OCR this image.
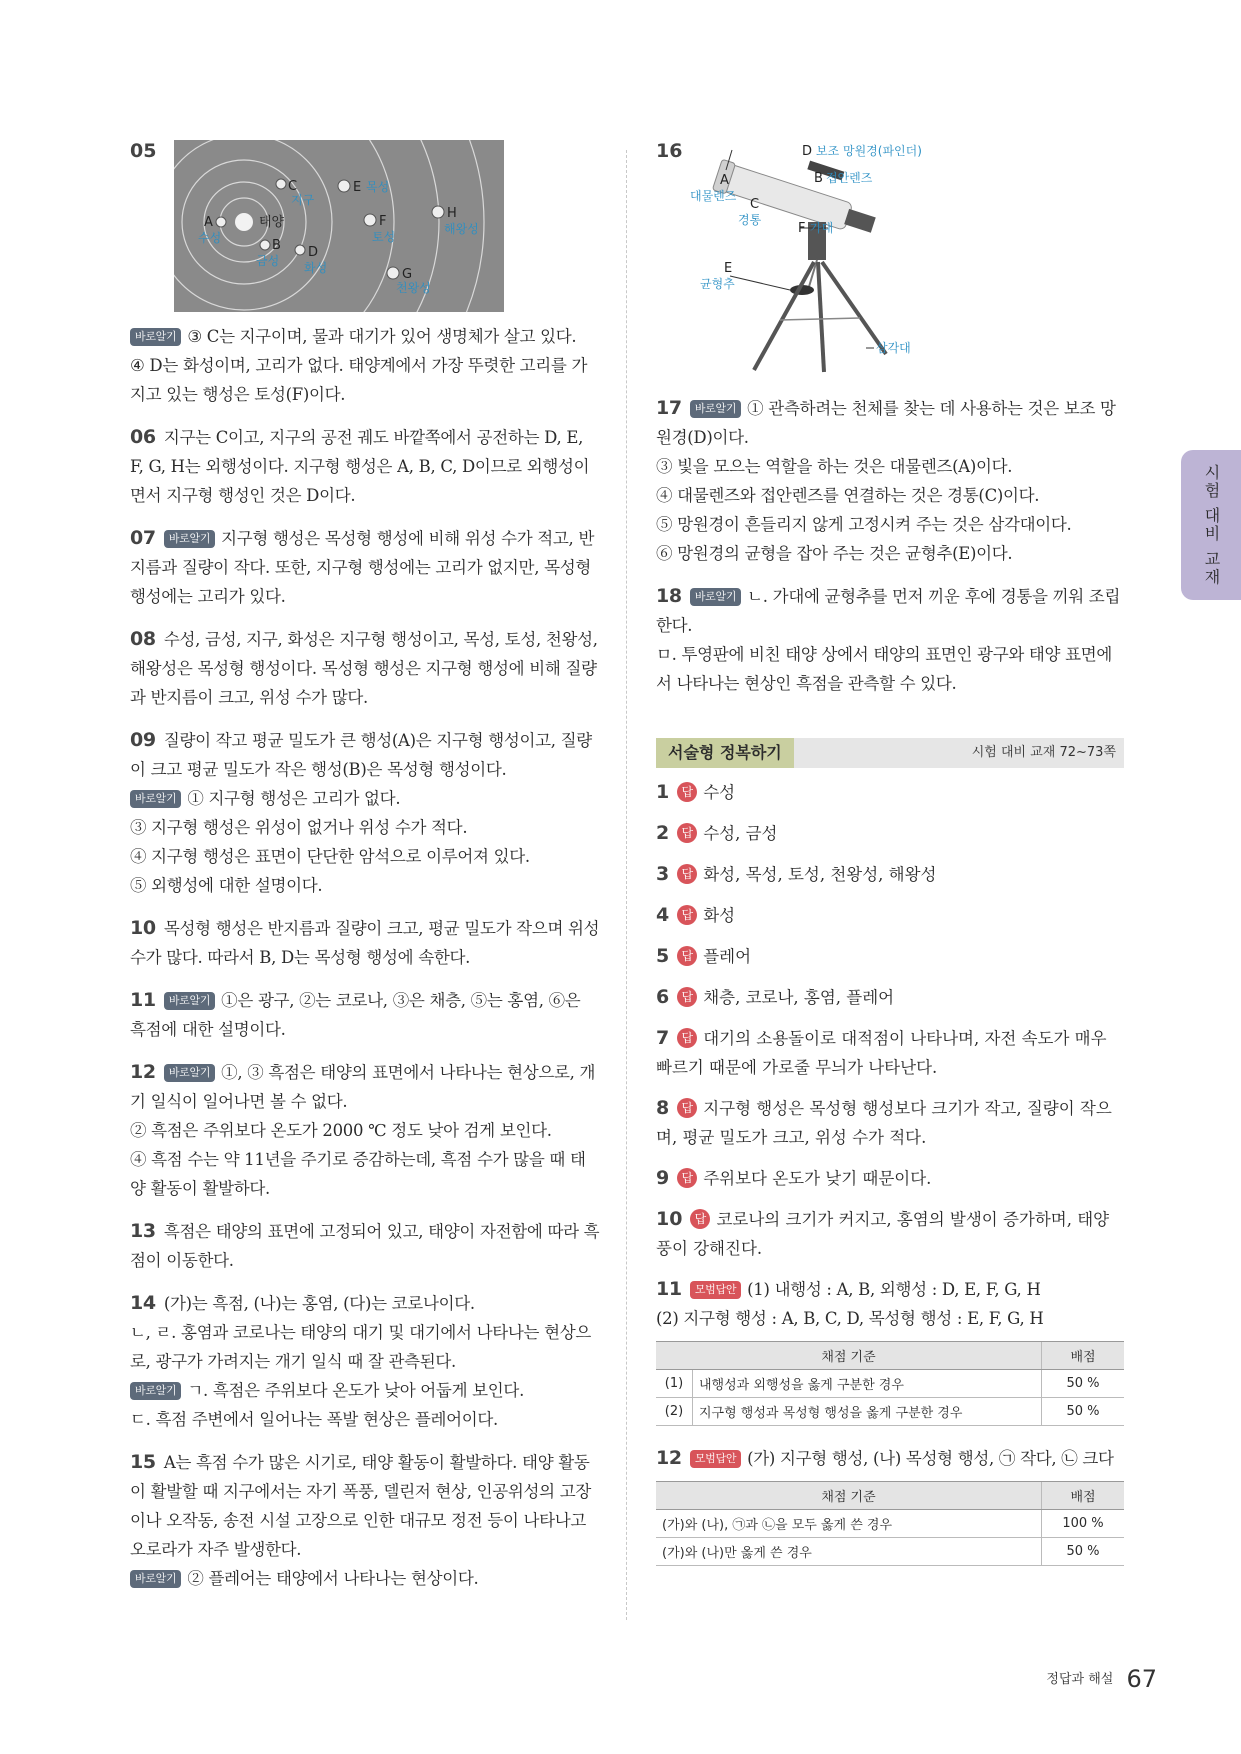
05
태양
A
수성	B
금성
C
지구
D
화성
E 목성
F
토성
G
천왕성
H
해왕성

바로알기 ③ C는 지구이며, 물과 대기가 있어 생명체가 살고 있다.

④ D는 화성이며, 고리가 없다. 태양계에서 가장 뚜렷한 고리를 가지고 있는 행성은 토성(F)이다.

06 지구는 C이고, 지구의 공전 궤도 바깥쪽에서 공전하는 D, E, F, G, H는 외행성이다. 지구형 행성은 A, B, C, D이므로 외행성이면서 지구형 행성인 것은 D이다.

07 바로알기 지구형 행성은 목성형 행성에 비해 위성 수가 적고, 반지름과 질량이 작다. 또한, 지구형 행성에는 고리가 없지만, 목성형 행성에는 고리가 있다.

08 수성, 금성, 지구, 화성은 지구형 행성이고, 목성, 토성, 천왕성, 해왕성은 목성형 행성이다. 목성형 행성은 지구형 행성에 비해 질량과 반지름이 크고, 위성 수가 많다.

09 질량이 작고 평균 밀도가 큰 행성(A)은 지구형 행성이고, 질량이 크고 평균 밀도가 작은 행성(B)은 목성형 행성이다.

바로알기 ① 지구형 행성은 고리가 없다.

③ 지구형 행성은 위성이 없거나 위성 수가 적다.

④ 지구형 행성은 표면이 단단한 암석으로 이루어져 있다.

⑤ 외행성에 대한 설명이다.

10 목성형 행성은 반지름과 질량이 크고, 평균 밀도가 작으며 위성 수가 많다. 따라서 B, D는 목성형 행성에 속한다.

11 바로알기 ①은 광구, ②는 코로나, ③은 채층, ⑤는 홍염, ⑥은 흑점에 대한 설명이다.

12 바로알기 ①, ③ 흑점은 태양의 표면에서 나타나는 현상으로, 개기 일식이 일어나면 볼 수 없다.

② 흑점은 주위보다 온도가 2000 ℃ 정도 낮아 검게 보인다.

④ 흑점 수는 약 11년을 주기로 증감하는데, 흑점 수가 많을 때 태양 활동이 활발하다.

13 흑점은 태양의 표면에 고정되어 있고, 태양이 자전함에 따라 흑점이 이동한다.

14 (가)는 흑점, (나)는 홍염, (다)는 코로나이다.

ㄴ, ㄹ. 홍염과 코로나는 태양의 대기 및 대기에서 나타나는 현상으로, 광구가 가려지는 개기 일식 때 잘 관측된다.

바로알기 ㄱ. 흑점은 주위보다 온도가 낮아 어둡게 보인다.

ㄷ. 흑점 주변에서 일어나는 폭발 현상은 플레어이다.

15 A는 흑점 수가 많은 시기로, 태양 활동이 활발하다. 태양 활동이 활발할 때 지구에서는 자기 폭풍, 델린저 현상, 인공위성의 고장이나 오작동, 송전 시설 고장으로 인한 대규모 정전 등이 나타나고 오로라가 자주 발생한다.

바로알기 ② 플레어는 태양에서 나타나는 현상이다.

16
A
대물렌즈
C
경통
D 보조 망원경(파인더)
B 접안렌즈
F 가대
E
균형추
삼각대

17 바로알기 ① 관측하려는 천체를 찾는 데 사용하는 것은 보조 망원경(D)이다.

③ 빛을 모으는 역할을 하는 것은 대물렌즈(A)이다.

④ 대물렌즈와 접안렌즈를 연결하는 것은 경통(C)이다.

⑤ 망원경이 흔들리지 않게 고정시켜 주는 것은 삼각대이다.

⑥ 망원경의 균형을 잡아 주는 것은 균형추(E)이다.

18 바로알기 ㄴ. 가대에 균형추를 먼저 끼운 후에 경통을 끼워 조립한다.

ㅁ. 투영판에 비친 태양 상에서 태양의 표면인 광구와 태양 표면에서 나타나는 현상인 흑점을 관측할 수 있다.

서술형 정복하기	시험 대비 교재 72~73쪽

1 답 수성

2 답 수성, 금성

3 답 화성, 목성, 토성, 천왕성, 해왕성

4 답 화성

5 답 플레어

6 답 채층, 코로나, 홍염, 플레어

7 답 대기의 소용돌이로 대적점이 나타나며, 자전 속도가 매우 빠르기 때문에 가로줄 무늬가 나타난다.

8 답 지구형 행성은 목성형 행성보다 크기가 작고, 질량이 작으며, 평균 밀도가 크고, 위성 수가 적다.

9 답 주위보다 온도가 낮기 때문이다.

10 답 코로나의 크기가 커지고, 홍염의 발생이 증가하며, 태양풍이 강해진다.

11 모범답안 (1) 내행성 : A, B, 외행성 : D, E, F, G, H

(2) 지구형 행성 : A, B, C, D, 목성형 행성 : E, F, G, H

채점 기준		배점
(1)	내행성과 외행성을 옳게 구분한 경우	50 %
(2)	지구형 행성과 목성형 행성을 옳게 구분한 경우	50 %

12 모범답안 (가) 지구형 행성, (나) 목성형 행성, ㉠ 작다, ㉡ 크다

채점 기준	배점
(가)와 (나), ㉠과 ㉡을 모두 옳게 쓴 경우	100 %
(가)와 (나)만 옳게 쓴 경우	50 %
시험 대비 교재
$^{정답과 해설}$ 67
